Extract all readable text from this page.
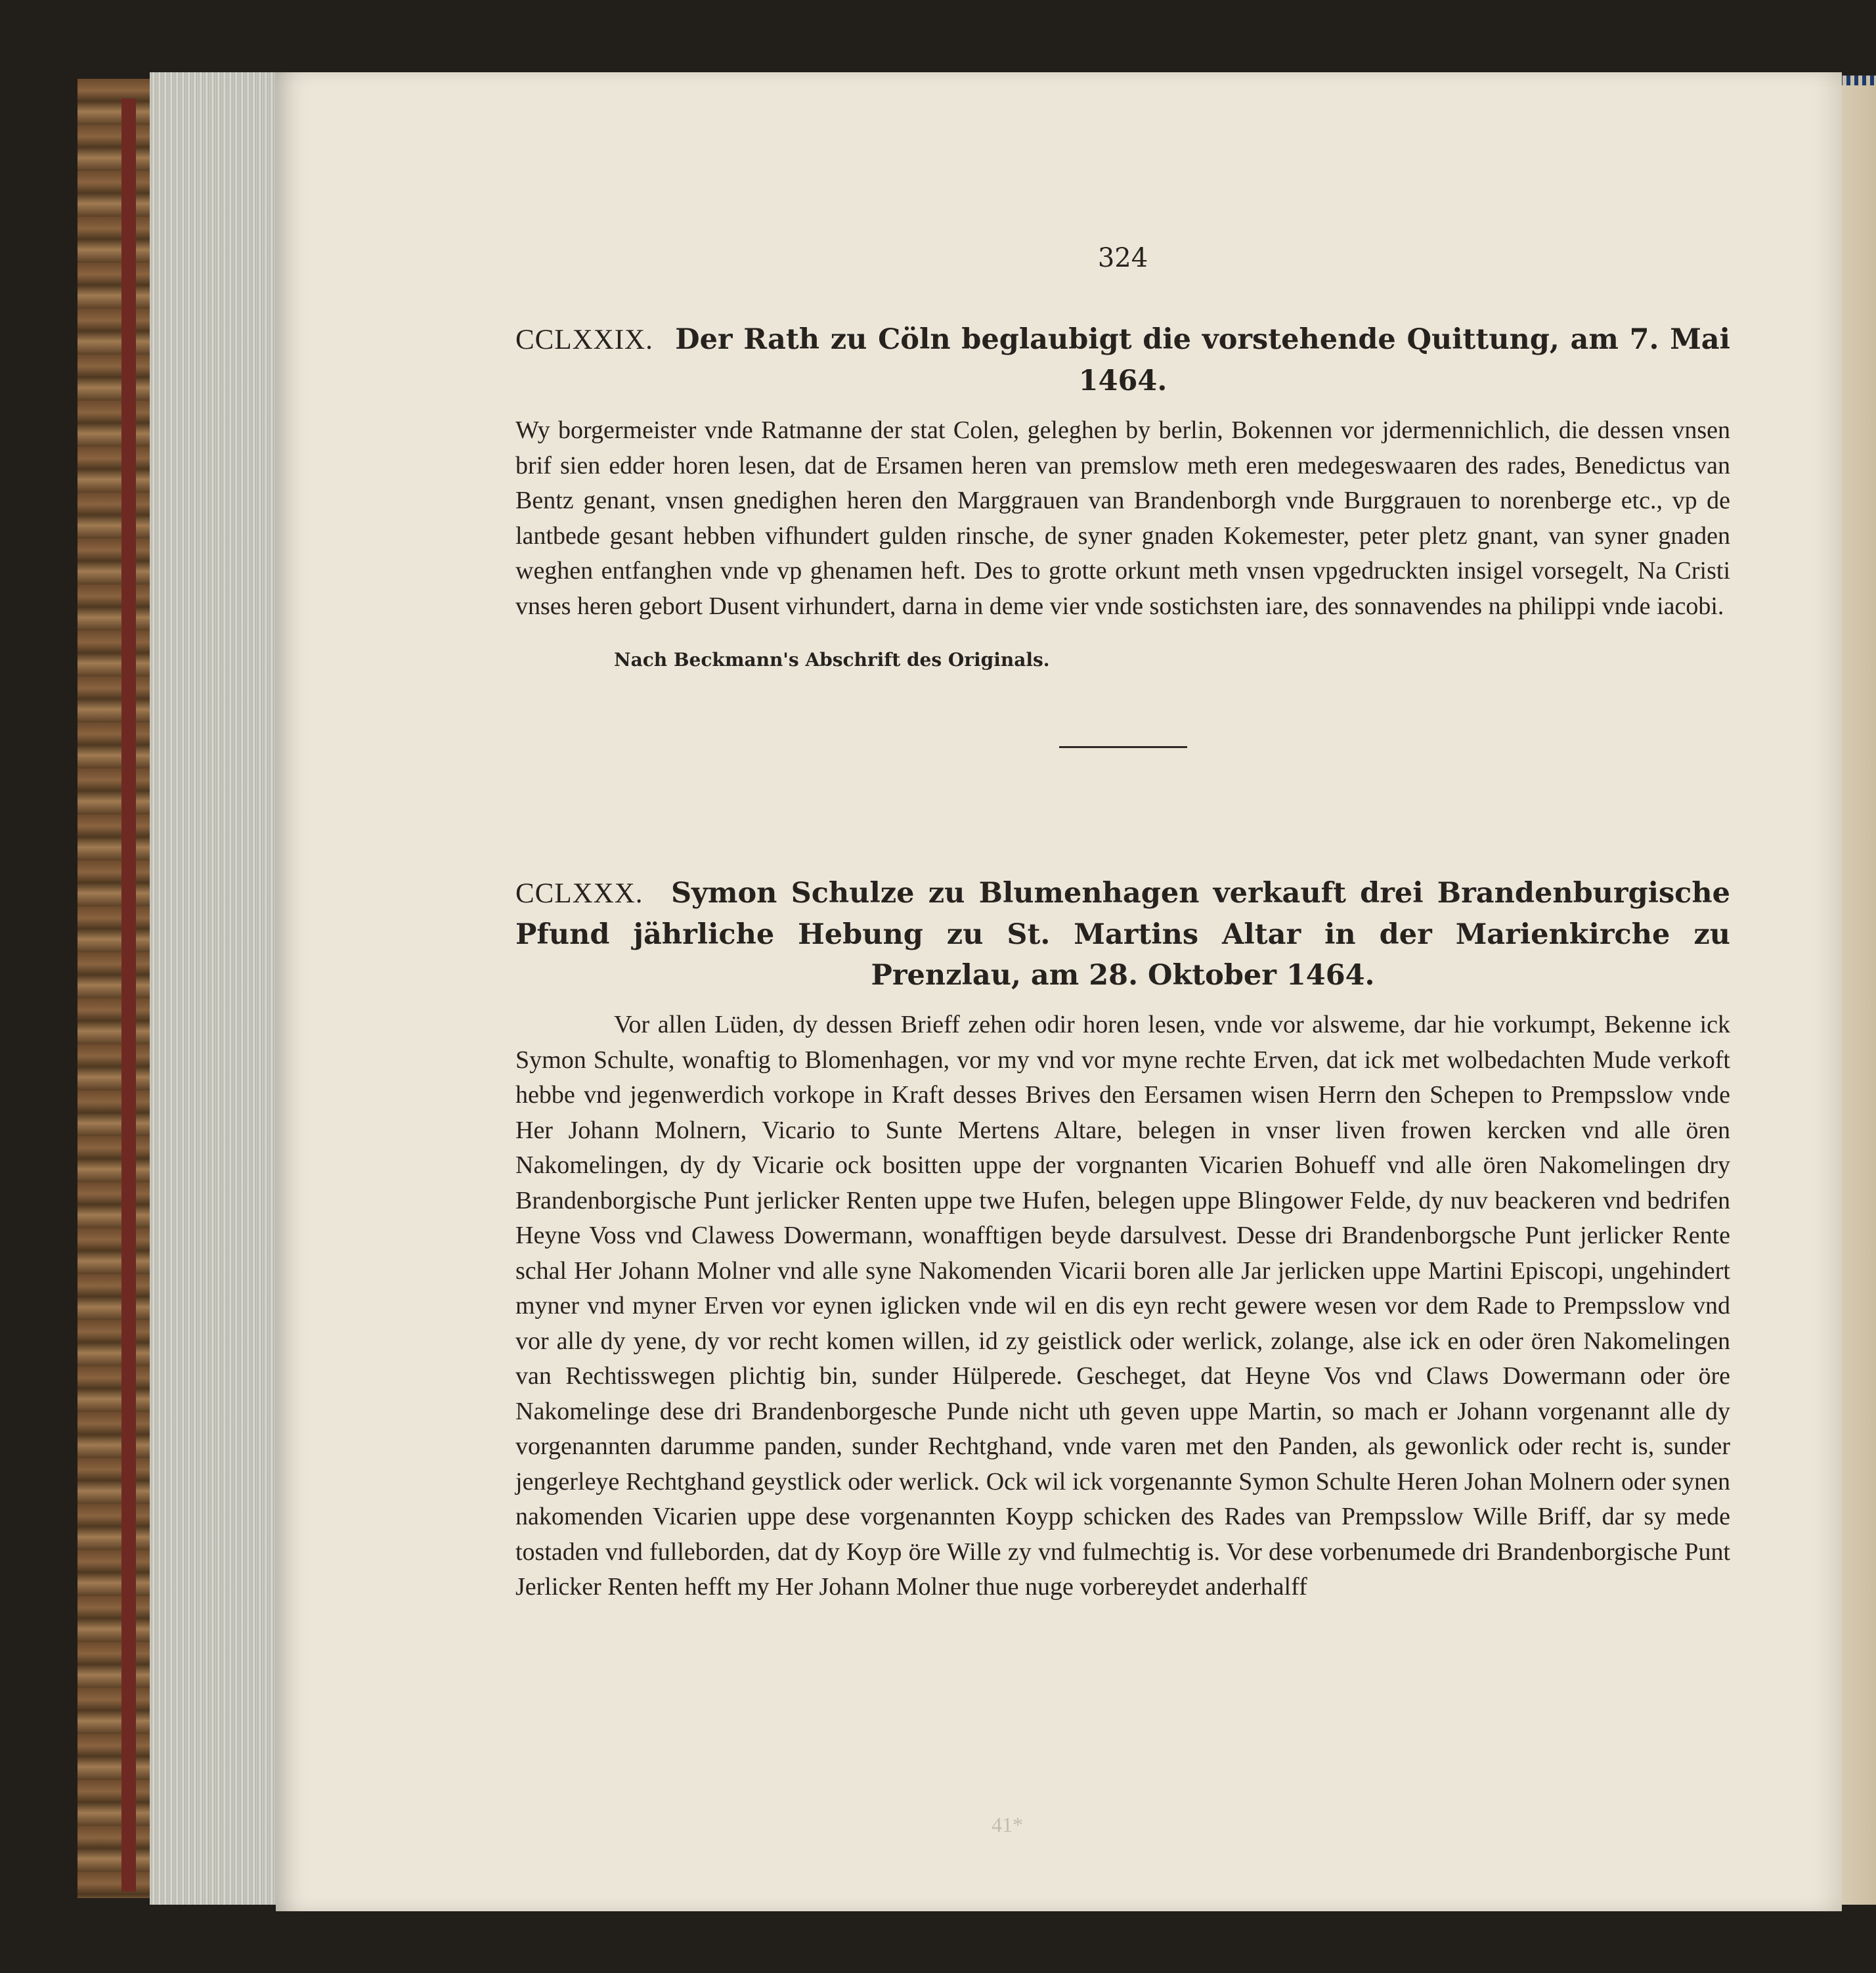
324
CCLXXIX. Der Rath zu Cöln beglaubigt die vorstehende Quittung, am 7. Mai 1464.

Wy borgermeister vnde Ratmanne der stat Colen, geleghen by berlin, Bokennen vor jdermennichlich, die dessen vnsen brif sien edder horen lesen, dat de Ersamen heren van premslow meth eren medegeswaaren des rades, Benedictus van Bentz genant, vnsen gnedighen heren den Marggrauen van Brandenborgh vnde Burggrauen to norenberge etc., vp de lantbede gesant hebben vifhundert gulden rinsche, de syner gnaden Kokemester, peter pletz gnant, van syner gnaden weghen entfanghen vnde vp ghenamen heft. Des to grotte orkunt meth vnsen vpgedruckten insigel vorsegelt, Na Cristi vnses heren gebort Dusent virhundert, darna in deme vier vnde sostichsten iare, des sonnavendes na philippi vnde iacobi.

Nach Beckmann's Abschrift des Originals.
CCLXXX. Symon Schulze zu Blumenhagen verkauft drei Brandenburgische Pfund jährliche Hebung zu St. Martins Altar in der Marienkirche zu Prenzlau, am 28. Oktober 1464.

Vor allen Lüden, dy dessen Brieff zehen odir horen lesen, vnde vor alsweme, dar hie vorkumpt, Bekenne ick Symon Schulte, wonaftig to Blomenhagen, vor my vnd vor myne rechte Erven, dat ick met wolbedachten Mude verkoft hebbe vnd jegenwerdich vorkope in Kraft desses Brives den Eersamen wisen Herrn den Schepen to Prempsslow vnde Her Johann Molnern, Vicario to Sunte Mertens Altare, belegen in vnser liven frowen kercken vnd alle ören Nakomelingen, dy dy Vicarie ock bositten uppe der vorgnanten Vicarien Bohueff vnd alle ören Nakomelingen dry Brandenborgische Punt jerlicker Renten uppe twe Hufen, belegen uppe Blingower Felde, dy nuv beackeren vnd bedrifen Heyne Voss vnd Clawess Dowermann, wonafftigen beyde darsulvest. Desse dri Brandenborgsche Punt jerlicker Rente schal Her Johann Molner vnd alle syne Nakomenden Vicarii boren alle Jar jerlicken uppe Martini Episcopi, ungehindert myner vnd myner Erven vor eynen iglicken vnde wil en dis eyn recht gewere wesen vor dem Rade to Prempsslow vnd vor alle dy yene, dy vor recht komen willen, id zy geistlick oder werlick, zolange, alse ick en oder ören Nakomelingen van Rechtisswegen plichtig bin, sunder Hülperede. Gescheget, dat Heyne Vos vnd Claws Dowermann oder öre Nakomelinge dese dri Brandenborgesche Punde nicht uth geven uppe Martin, so mach er Johann vorgenannt alle dy vorgenannten darumme panden, sunder Rechtghand, vnde varen met den Panden, als gewonlick oder recht is, sunder jengerleye Rechtghand geystlick oder werlick. Ock wil ick vorgenannte Symon Schulte Heren Johan Molnern oder synen nakomenden Vicarien uppe dese vorgenannten Koypp schicken des Rades van Prempsslow Wille Briff, dar sy mede tostaden vnd fulleborden, dat dy Koyp öre Wille zy vnd fulmechtig is. Vor dese vorbenumede dri Brandenborgische Punt Jerlicker Renten hefft my Her Johann Molner thue nuge vorbereydet anderhalff

41*
